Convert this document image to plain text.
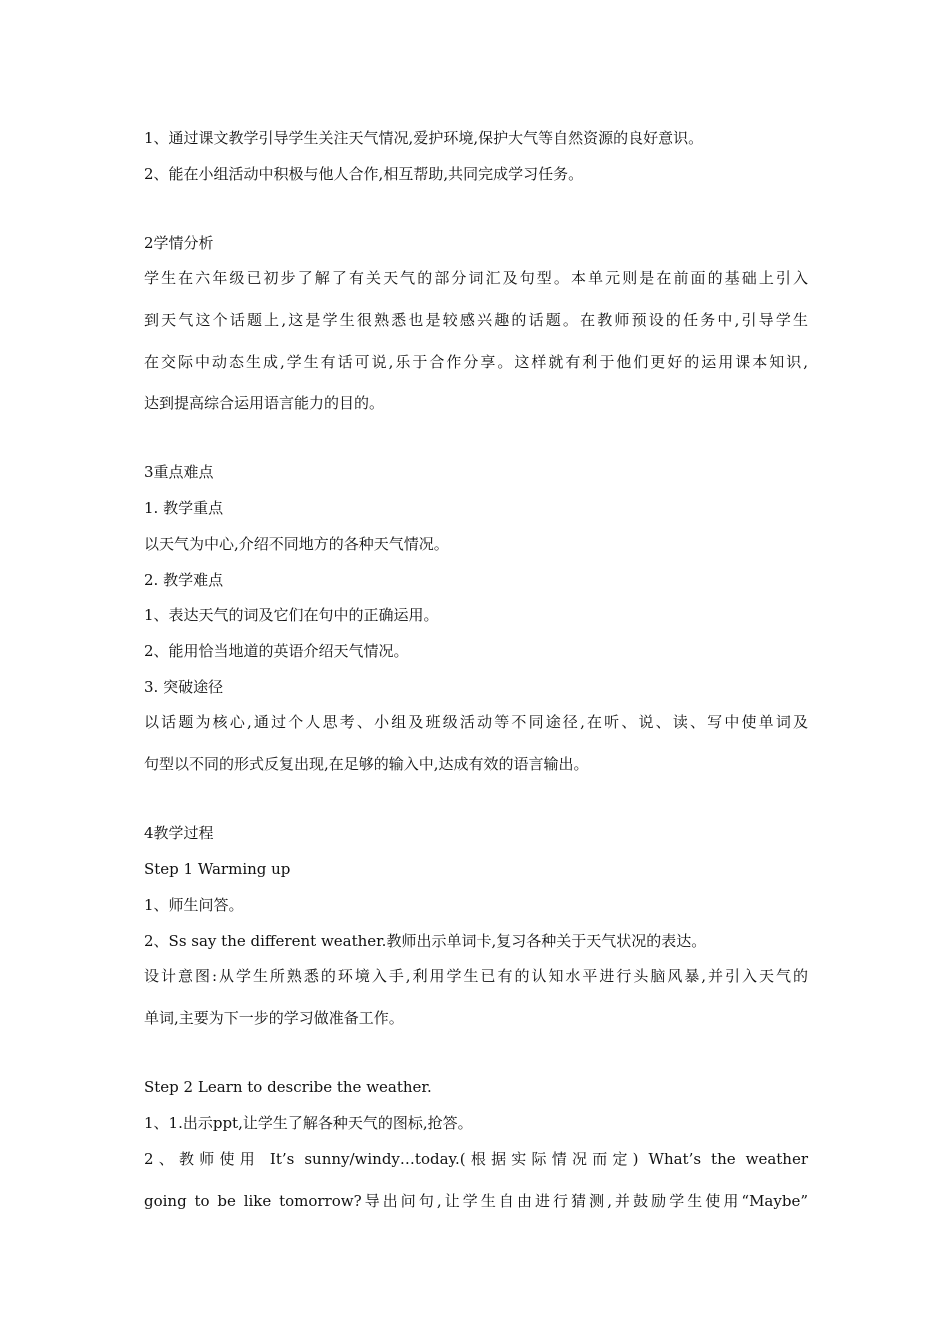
1、通过课文教学引导学生关注天气情况,爱护环境,保护大气等自然资源的良好意识。
2、能在小组活动中积极与他人合作,相互帮助,共同完成学习任务。
2学情分析
学生在六年级已初步了解了有关天气的部分词汇及句型。本单元则是在前面的基础上引入
到天气这个话题上,这是学生很熟悉也是较感兴趣的话题。在教师预设的任务中,引导学生
在交际中动态生成,学生有话可说,乐于合作分享。这样就有利于他们更好的运用课本知识,
达到提高综合运用语言能力的目的。
3重点难点
1. 教学重点
以天气为中心,介绍不同地方的各种天气情况。
2. 教学难点
1、表达天气的词及它们在句中的正确运用。
2、能用恰当地道的英语介绍天气情况。
3. 突破途径
以话题为核心,通过个人思考、小组及班级活动等不同途径,在听、说、读、写中使单词及
句型以不同的形式反复出现,在足够的输入中,达成有效的语言输出。
4教学过程
Step 1 Warming up
1、师生问答。
2、Ss say the different weather.教师出示单词卡,复习各种关于天气状况的表达。
设计意图:从学生所熟悉的环境入手,利用学生已有的认知水平进行头脑风暴,并引入天气的
单词,主要为下一步的学习做准备工作。
Step 2 Learn to describe the weather.
1、1.出示ppt,让学生了解各种天气的图标,抢答。
2、教师使用 It’s sunny/windy…today.(根据实际情况而定) What’s the weather
going to be like tomorrow?导出问句,让学生自由进行猜测,并鼓励学生使用“Maybe”
